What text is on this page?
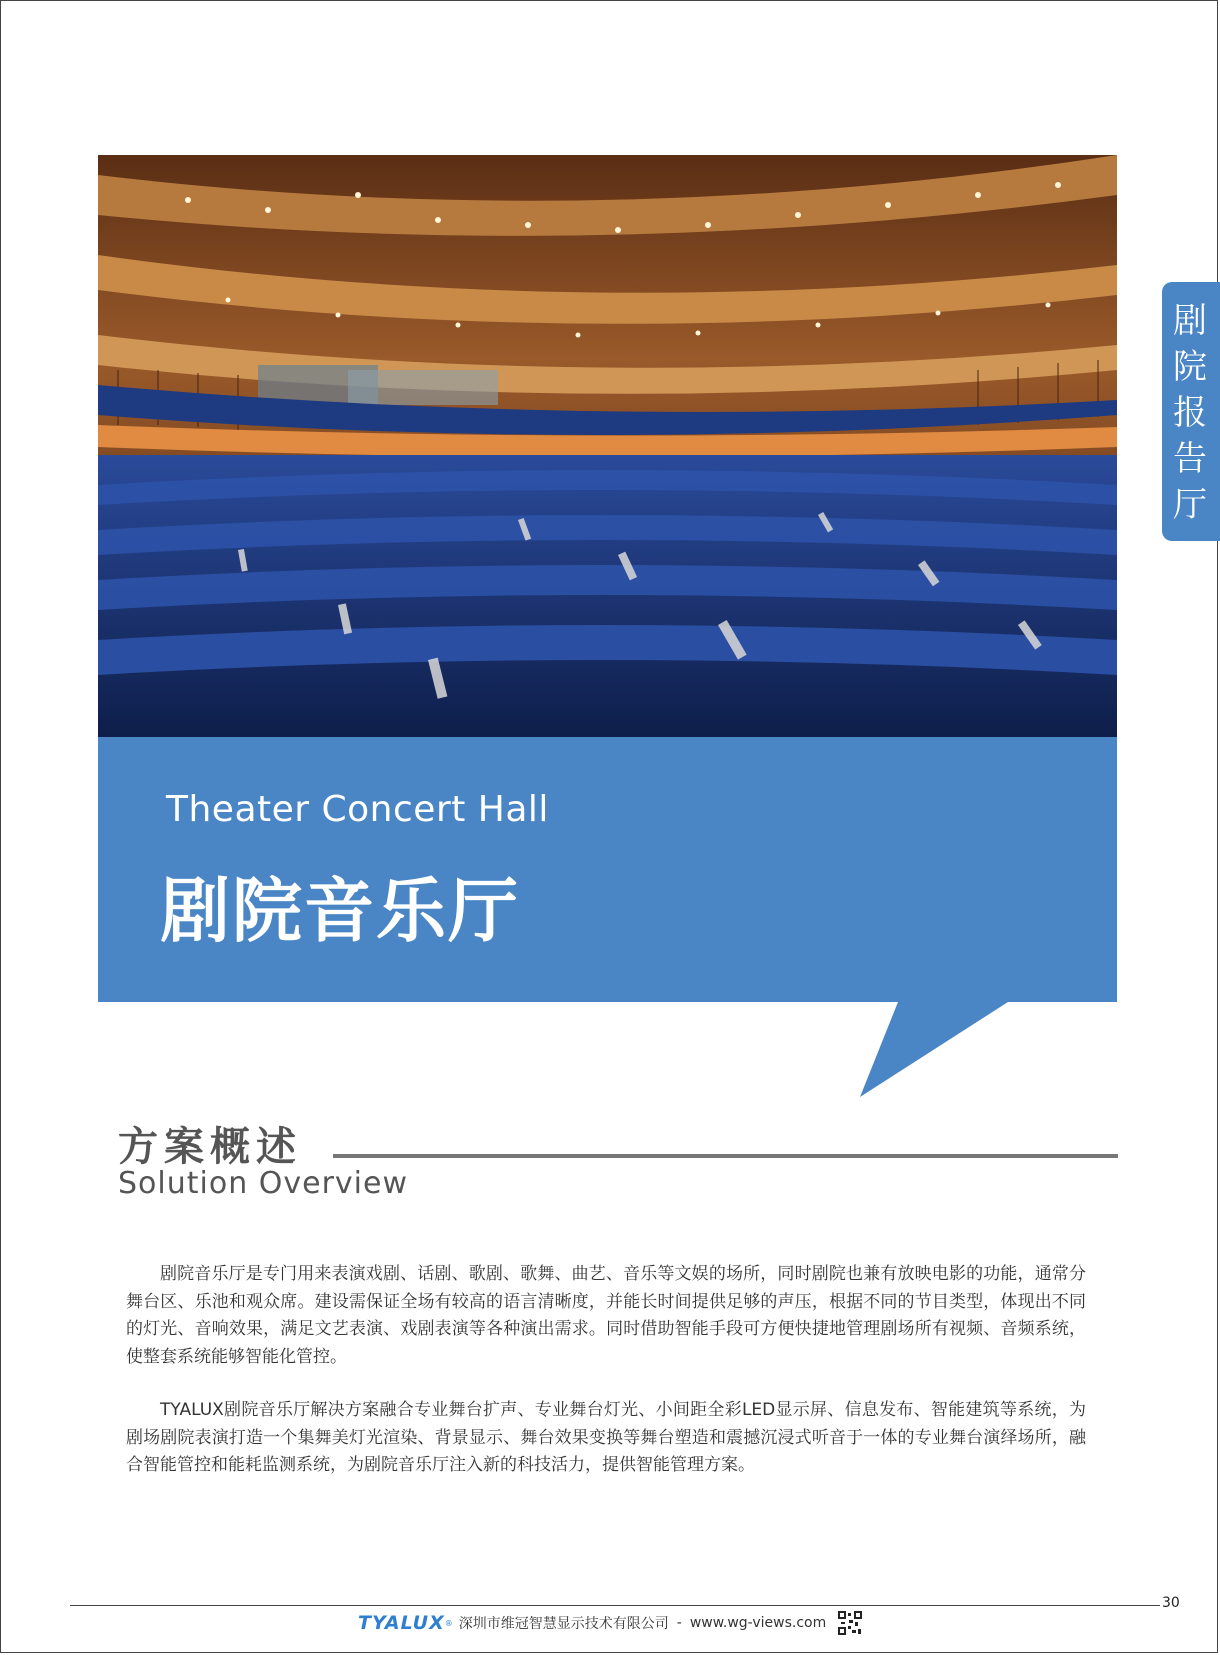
Theater Concert Hall
剧院音乐厅
剧
院
报
告
厅
方案概述
Solution Overview

剧院音乐厅是专门用来表演戏剧、话剧、歌剧、歌舞、曲艺、音乐等文娱的场所，同时剧院也兼有放映电影的功能，通常分舞台区、乐池和观众席。建设需保证全场有较高的语言清晰度，并能长时间提供足够的声压，根据不同的节目类型，体现出不同的灯光、音响效果，满足文艺表演、戏剧表演等各种演出需求。同时借助智能手段可方便快捷地管理剧场所有视频、音频系统，使整套系统能够智能化管控。

TYALUX剧院音乐厅解决方案融合专业舞台扩声、专业舞台灯光、小间距全彩LED显示屏、信息发布、智能建筑等系统，为剧场剧院表演打造一个集舞美灯光渲染、背景显示、舞台效果变换等舞台塑造和震撼沉浸式听音于一体的专业舞台演绎场所，融合智能管控和能耗监测系统，为剧院音乐厅注入新的科技活力，提供智能管理方案。

30
TYALUX ® 深圳市维冠智慧显示技术有限公司 - www.wg-views.com
